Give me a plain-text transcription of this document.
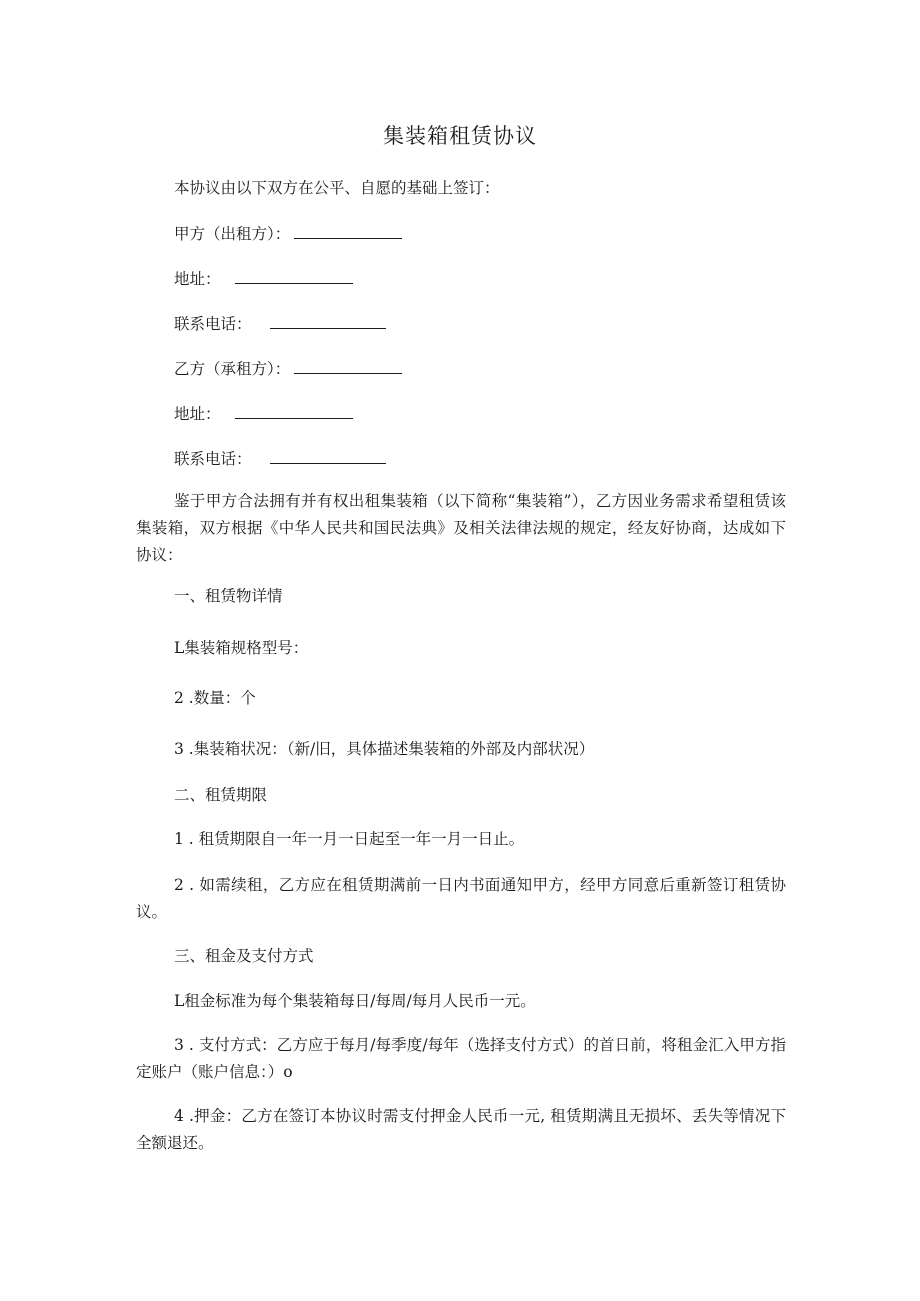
集装箱租赁协议
本协议由以下双方在公平、自愿的基础上签订：
甲方（出租方）：
地址：
联系电话：
乙方（承租方）：
地址：
联系电话：
鉴于甲方合法拥有并有权出租集装箱（以下简称“集装箱”），乙方因业务需求希望租赁该集装箱，双方根据《中华人民共和国民法典》及相关法律法规的规定，经友好协商，达成如下协议：
一、租赁物详情
L集装箱规格型号：
2 .数量：个
3 .集装箱状况：（新/旧，具体描述集装箱的外部及内部状况）
二、租赁期限
1 . 租赁期限自一年一月一日起至一年一月一日止。
2 . 如需续租，乙方应在租赁期满前一日内书面通知甲方，经甲方同意后重新签订租赁协议。
三、租金及支付方式
L租金标准为每个集装箱每日/每周/每月人民币一元。
3 . 支付方式：乙方应于每月/每季度/每年（选择支付方式）的首日前，将租金汇入甲方指定账户（账户信息：）o
4 .押金：乙方在签订本协议时需支付押金人民币一元, 租赁期满且无损坏、丢失等情况下全额退还。
